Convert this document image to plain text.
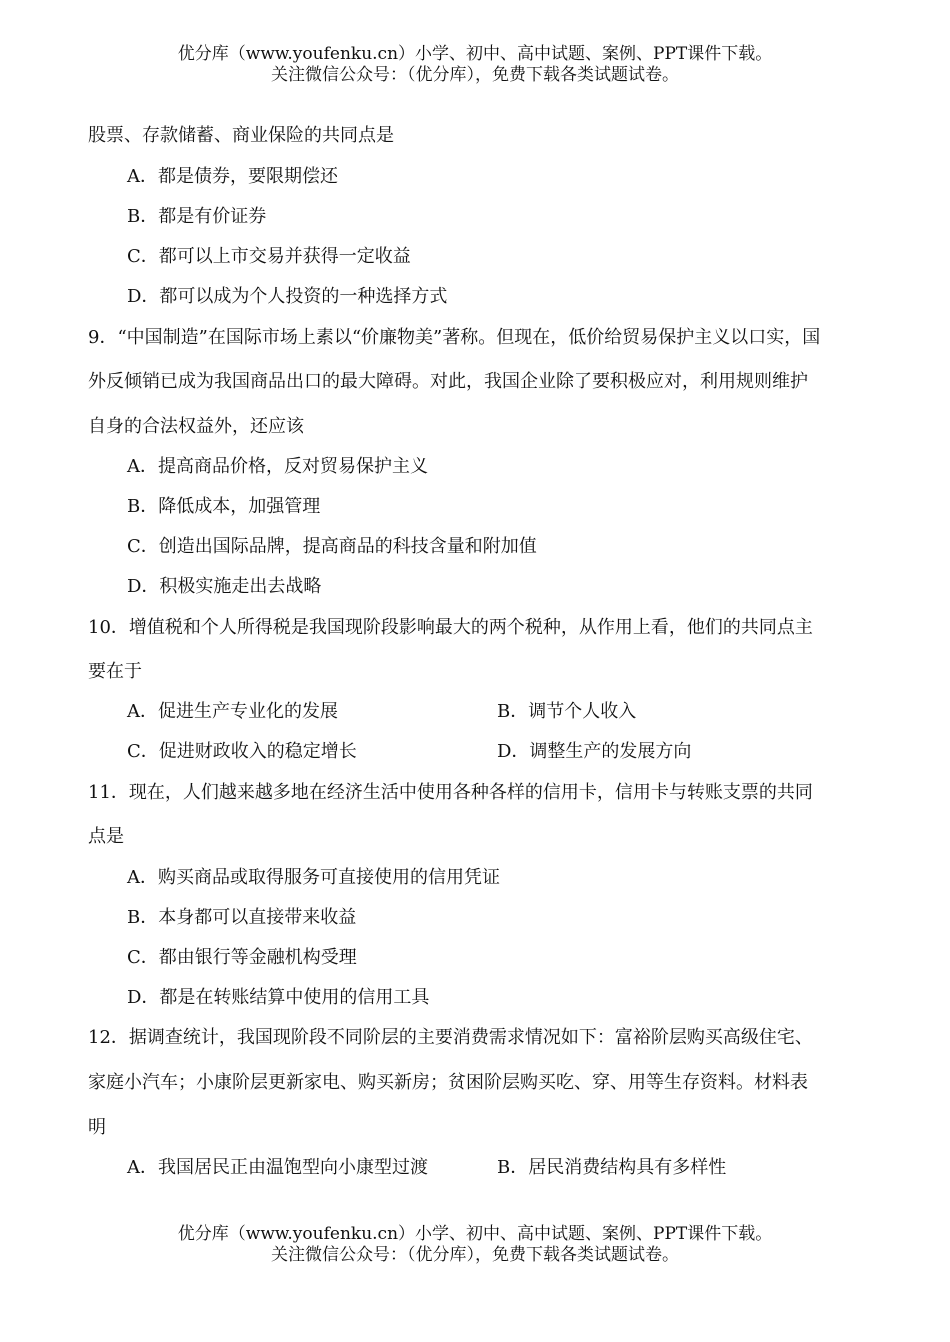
优分库（www.youfenku.cn）小学、初中、高中试题、案例、PPT课件下载。
关注微信公众号：（优分库），免费下载各类试题试卷。
股票、存款储蓄、商业保险的共同点是
A．都是债券，要限期偿还
B．都是有价证券
C．都可以上市交易并获得一定收益
D．都可以成为个人投资的一种选择方式
9．“中国制造”在国际市场上素以“价廉物美”著称。但现在，低价给贸易保护主义以口实，国
外反倾销已成为我国商品出口的最大障碍。对此，我国企业除了要积极应对，利用规则维护
自身的合法权益外，还应该
A．提高商品价格，反对贸易保护主义
B．降低成本，加强管理
C．创造出国际品牌，提高商品的科技含量和附加值
D．积极实施走出去战略
10．增值税和个人所得税是我国现阶段影响最大的两个税种，从作用上看，他们的共同点主
要在于
A．促进生产专业化的发展	B．调节个人收入
C．促进财政收入的稳定增长	D．调整生产的发展方向
11．现在，人们越来越多地在经济生活中使用各种各样的信用卡，信用卡与转账支票的共同
点是
A．购买商品或取得服务可直接使用的信用凭证
B．本身都可以直接带来收益
C．都由银行等金融机构受理
D．都是在转账结算中使用的信用工具
12．据调查统计，我国现阶段不同阶层的主要消费需求情况如下：富裕阶层购买高级住宅、
家庭小汽车；小康阶层更新家电、购买新房；贫困阶层购买吃、穿、用等生存资料。材料表
明
A．我国居民正由温饱型向小康型过渡	B．居民消费结构具有多样性
优分库（www.youfenku.cn）小学、初中、高中试题、案例、PPT课件下载。
关注微信公众号：（优分库），免费下载各类试题试卷。
